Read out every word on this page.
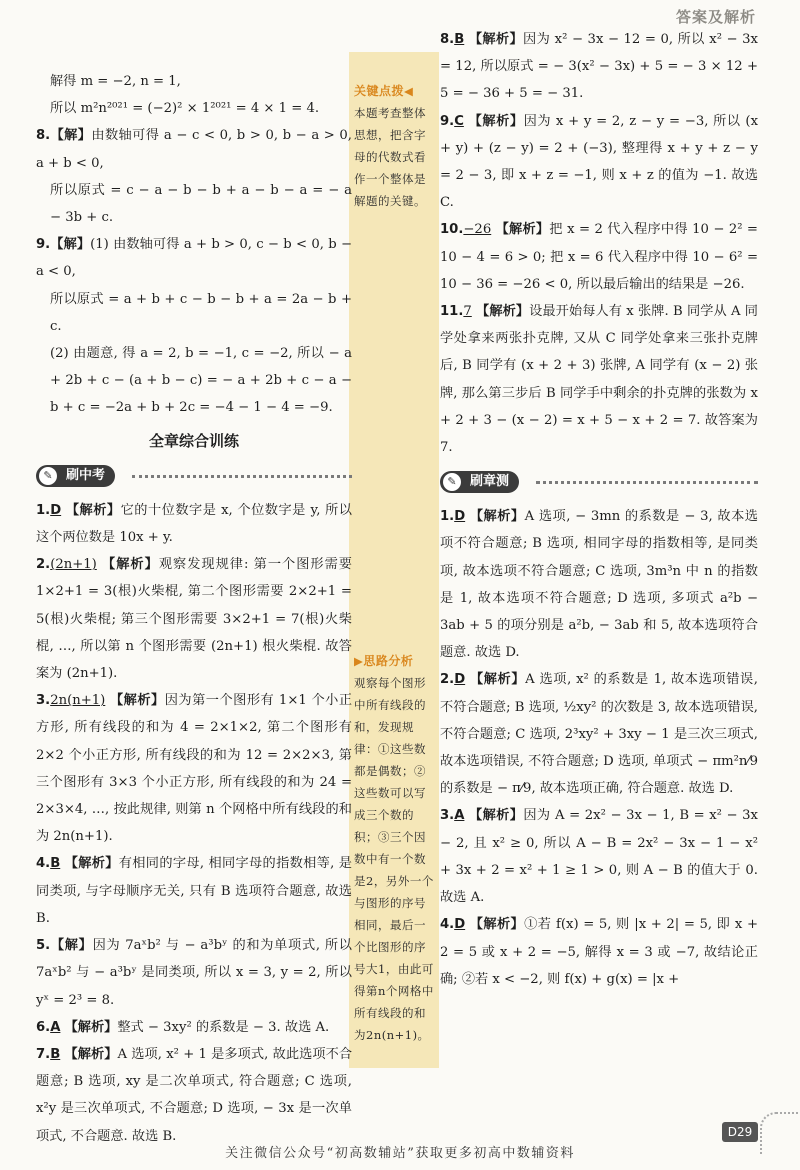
答案及解析
关键点拨◀
本题考查整体思想，把含字母的代数式看作一个整体是解题的关键。
▶思路分析
观察每个图形中所有线段的和，发现规律：①这些数都是偶数；②这些数可以写成三个数的积；③三个因数中有一个数是2，另外一个与图形的序号相同，最后一个比图形的序号大1，由此可得第n个网格中所有线段的和为2n(n+1)。

解得 m = −2, n = 1,

所以 m²n²⁰²¹ = (−2)² × 1²⁰²¹ = 4 × 1 = 4.

8.【解】由数轴可得 a − c < 0, b > 0, b − a > 0, a + b < 0,

所以原式 = c − a − b − b + a − b − a = − a − 3b + c.

9.【解】(1) 由数轴可得 a + b > 0, c − b < 0, b − a < 0,

所以原式 = a + b + c − b − b + a = 2a − b + c.

(2) 由题意, 得 a = 2, b = −1, c = −2, 所以 − a + 2b + c − (a + b − c) = − a + 2b + c − a − b + c = −2a + b + 2c = −4 − 1 − 4 = −9.

全章综合训练
✎	刷中考

1.D 【解析】它的十位数字是 x, 个位数字是 y, 所以这个两位数是 10x + y.

2.(2n+1) 【解析】观察发现规律: 第一个图形需要 1×2+1 = 3(根)火柴棍, 第二个图形需要 2×2+1 = 5(根)火柴棍; 第三个图形需要 3×2+1 = 7(根)火柴棍, …, 所以第 n 个图形需要 (2n+1) 根火柴棍. 故答案为 (2n+1).

3.2n(n+1) 【解析】因为第一个图形有 1×1 个小正方形, 所有线段的和为 4 = 2×1×2, 第二个图形有 2×2 个小正方形, 所有线段的和为 12 = 2×2×3, 第三个图形有 3×3 个小正方形, 所有线段的和为 24 = 2×3×4, …, 按此规律, 则第 n 个网格中所有线段的和为 2n(n+1).

4.B 【解析】有相同的字母, 相同字母的指数相等, 是同类项, 与字母顺序无关, 只有 B 选项符合题意, 故选 B.

5.【解】因为 7aˣb² 与 − a³bʸ 的和为单项式, 所以 7aˣb² 与 − a³bʸ 是同类项, 所以 x = 3, y = 2, 所以 yˣ = 2³ = 8.

6.A 【解析】整式 − 3xy² 的系数是 − 3. 故选 A.

7.B 【解析】A 选项, x² + 1 是多项式, 故此选项不合题意; B 选项, xy 是二次单项式, 符合题意; C 选项, x²y 是三次单项式, 不合题意; D 选项, − 3x 是一次单项式, 不合题意. 故选 B.

8.B 【解析】因为 x² − 3x − 12 = 0, 所以 x² − 3x = 12, 所以原式 = − 3(x² − 3x) + 5 = − 3 × 12 + 5 = − 36 + 5 = − 31.

9.C 【解析】因为 x + y = 2, z − y = −3, 所以 (x + y) + (z − y) = 2 + (−3), 整理得 x + y + z − y = 2 − 3, 即 x + z = −1, 则 x + z 的值为 −1. 故选 C.

10.−26 【解析】把 x = 2 代入程序中得 10 − 2² = 10 − 4 = 6 > 0; 把 x = 6 代入程序中得 10 − 6² = 10 − 36 = −26 < 0, 所以最后输出的结果是 −26.

11.7 【解析】设最开始每人有 x 张牌. B 同学从 A 同学处拿来两张扑克牌, 又从 C 同学处拿来三张扑克牌后, B 同学有 (x + 2 + 3) 张牌, A 同学有 (x − 2) 张牌, 那么第三步后 B 同学手中剩余的扑克牌的张数为 x + 2 + 3 − (x − 2) = x + 5 − x + 2 = 7. 故答案为 7.

✎	刷章测

1.D 【解析】A 选项, − 3mn 的系数是 − 3, 故本选项不符合题意; B 选项, 相同字母的指数相等, 是同类项, 故本选项不符合题意; C 选项, 3m³n 中 n 的指数是 1, 故本选项不符合题意; D 选项, 多项式 a²b − 3ab + 5 的项分别是 a²b, − 3ab 和 5, 故本选项符合题意. 故选 D.

2.D 【解析】A 选项, x² 的系数是 1, 故本选项错误, 不符合题意; B 选项, ½xy² 的次数是 3, 故本选项错误, 不符合题意; C 选项, 2³xy² + 3xy − 1 是三次三项式, 故本选项错误, 不符合题意; D 选项, 单项式 − πm²n⁄9 的系数是 − π⁄9, 故本选项正确, 符合题意. 故选 D.

3.A 【解析】因为 A = 2x² − 3x − 1, B = x² − 3x − 2, 且 x² ≥ 0, 所以 A − B = 2x² − 3x − 1 − x² + 3x + 2 = x² + 1 ≥ 1 > 0, 则 A − B 的值大于 0. 故选 A.

4.D 【解析】①若 f(x) = 5, 则 |x + 2| = 5, 即 x + 2 = 5 或 x + 2 = −5, 解得 x = 3 或 −7, 故结论正确; ②若 x < −2, 则 f(x) + g(x) = |x +

D29
关注微信公众号“初高数辅站”获取更多初高中数辅资料
